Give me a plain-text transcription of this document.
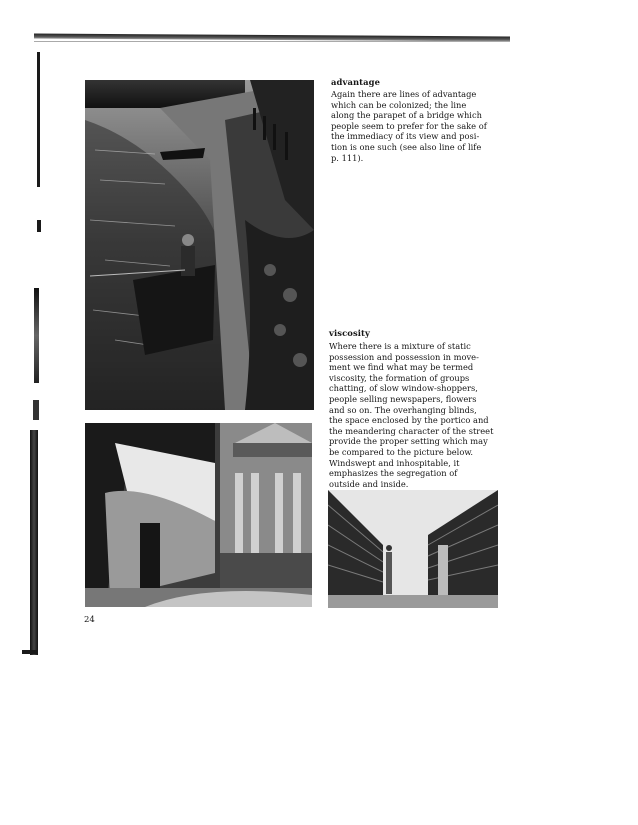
advantage
Again there are lines of advantage
which can be colonized; the line
along the parapet of a bridge which
people seem to prefer for the sake of
the immediacy of its view and posi-
tion is one such (see also line of life
p. 111).
viscosity
Where there is a mixture of static
possession and possession in move-
ment we find what may be termed
viscosity, the formation of groups
chatting, of slow window-shoppers,
people selling newspapers, flowers
and so on. The overhanging blinds,
the space enclosed by the portico and
the meandering character of the street
provide the proper setting which may
be compared to the picture below.
Windswept and inhospitable, it
emphasizes the segregation of
outside and inside.
24
